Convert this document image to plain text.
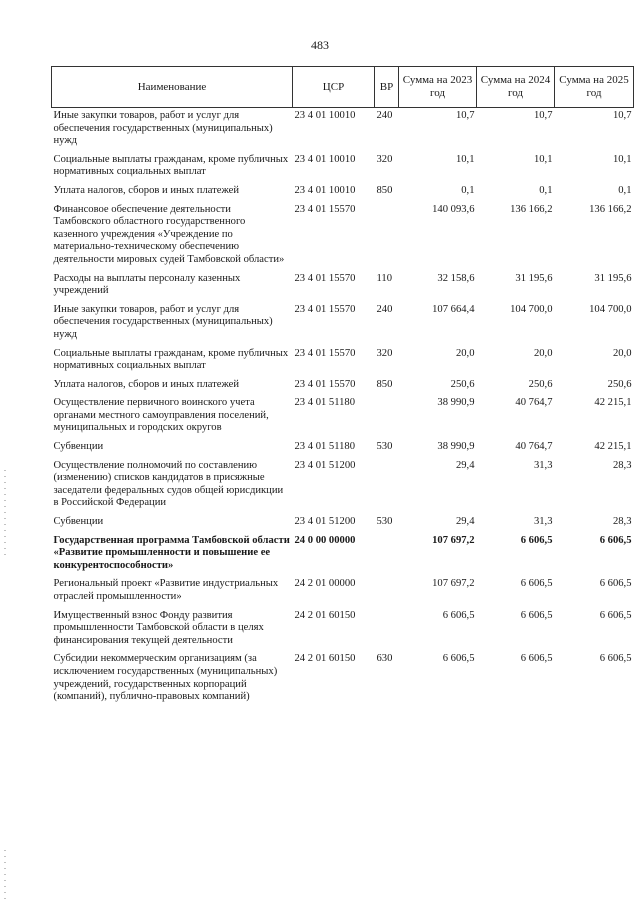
483
Наименование	ЦСР	ВР	Сумма на 2023 год	Сумма на 2024 год	Сумма на 2025 год
Иные закупки товаров, работ и услуг для обеспечения государственных (муниципальных) нужд	23 4 01 10010	240	10,7	10,7	10,7
Социальные выплаты гражданам, кроме публичных нормативных социальных выплат	23 4 01 10010	320	10,1	10,1	10,1
Уплата налогов, сборов и иных платежей	23 4 01 10010	850	0,1	0,1	0,1
Финансовое обеспечение деятельности Тамбовского областного государственного казенного учреждения «Учреждение по материально-техническому обеспечению деятельности мировых судей Тамбовской области»	23 4 01 15570		140 093,6	136 166,2	136 166,2
Расходы на выплаты персоналу казенных учреждений	23 4 01 15570	110	32 158,6	31 195,6	31 195,6
Иные закупки товаров, работ и услуг для обеспечения государственных (муниципальных) нужд	23 4 01 15570	240	107 664,4	104 700,0	104 700,0
Социальные выплаты гражданам, кроме публичных нормативных социальных выплат	23 4 01 15570	320	20,0	20,0	20,0
Уплата налогов, сборов и иных платежей	23 4 01 15570	850	250,6	250,6	250,6
Осуществление первичного воинского учета органами местного самоуправления поселений, муниципальных и городских округов	23 4 01 51180		38 990,9	40 764,7	42 215,1
Субвенции	23 4 01 51180	530	38 990,9	40 764,7	42 215,1
Осуществление полномочий по составлению (изменению) списков кандидатов в присяжные заседатели федеральных судов общей юрисдикции в Российской Федерации	23 4 01 51200		29,4	31,3	28,3
Субвенции	23 4 01 51200	530	29,4	31,3	28,3
Государственная программа Тамбовской области «Развитие промышленности и повышение ее конкурентоспособности»	24 0 00 00000		107 697,2	6 606,5	6 606,5
Региональный проект «Развитие индустриальных отраслей промышленности»	24 2 01 00000		107 697,2	6 606,5	6 606,5
Имущественный взнос Фонду развития промышленности Тамбовской области в целях финансирования текущей деятельности	24 2 01 60150		6 606,5	6 606,5	6 606,5
Субсидии некоммерческим организациям (за исключением государственных (муниципальных) учреждений, государственных корпораций (компаний), публично-правовых компаний)	24 2 01 60150	630	6 606,5	6 606,5	6 606,5
